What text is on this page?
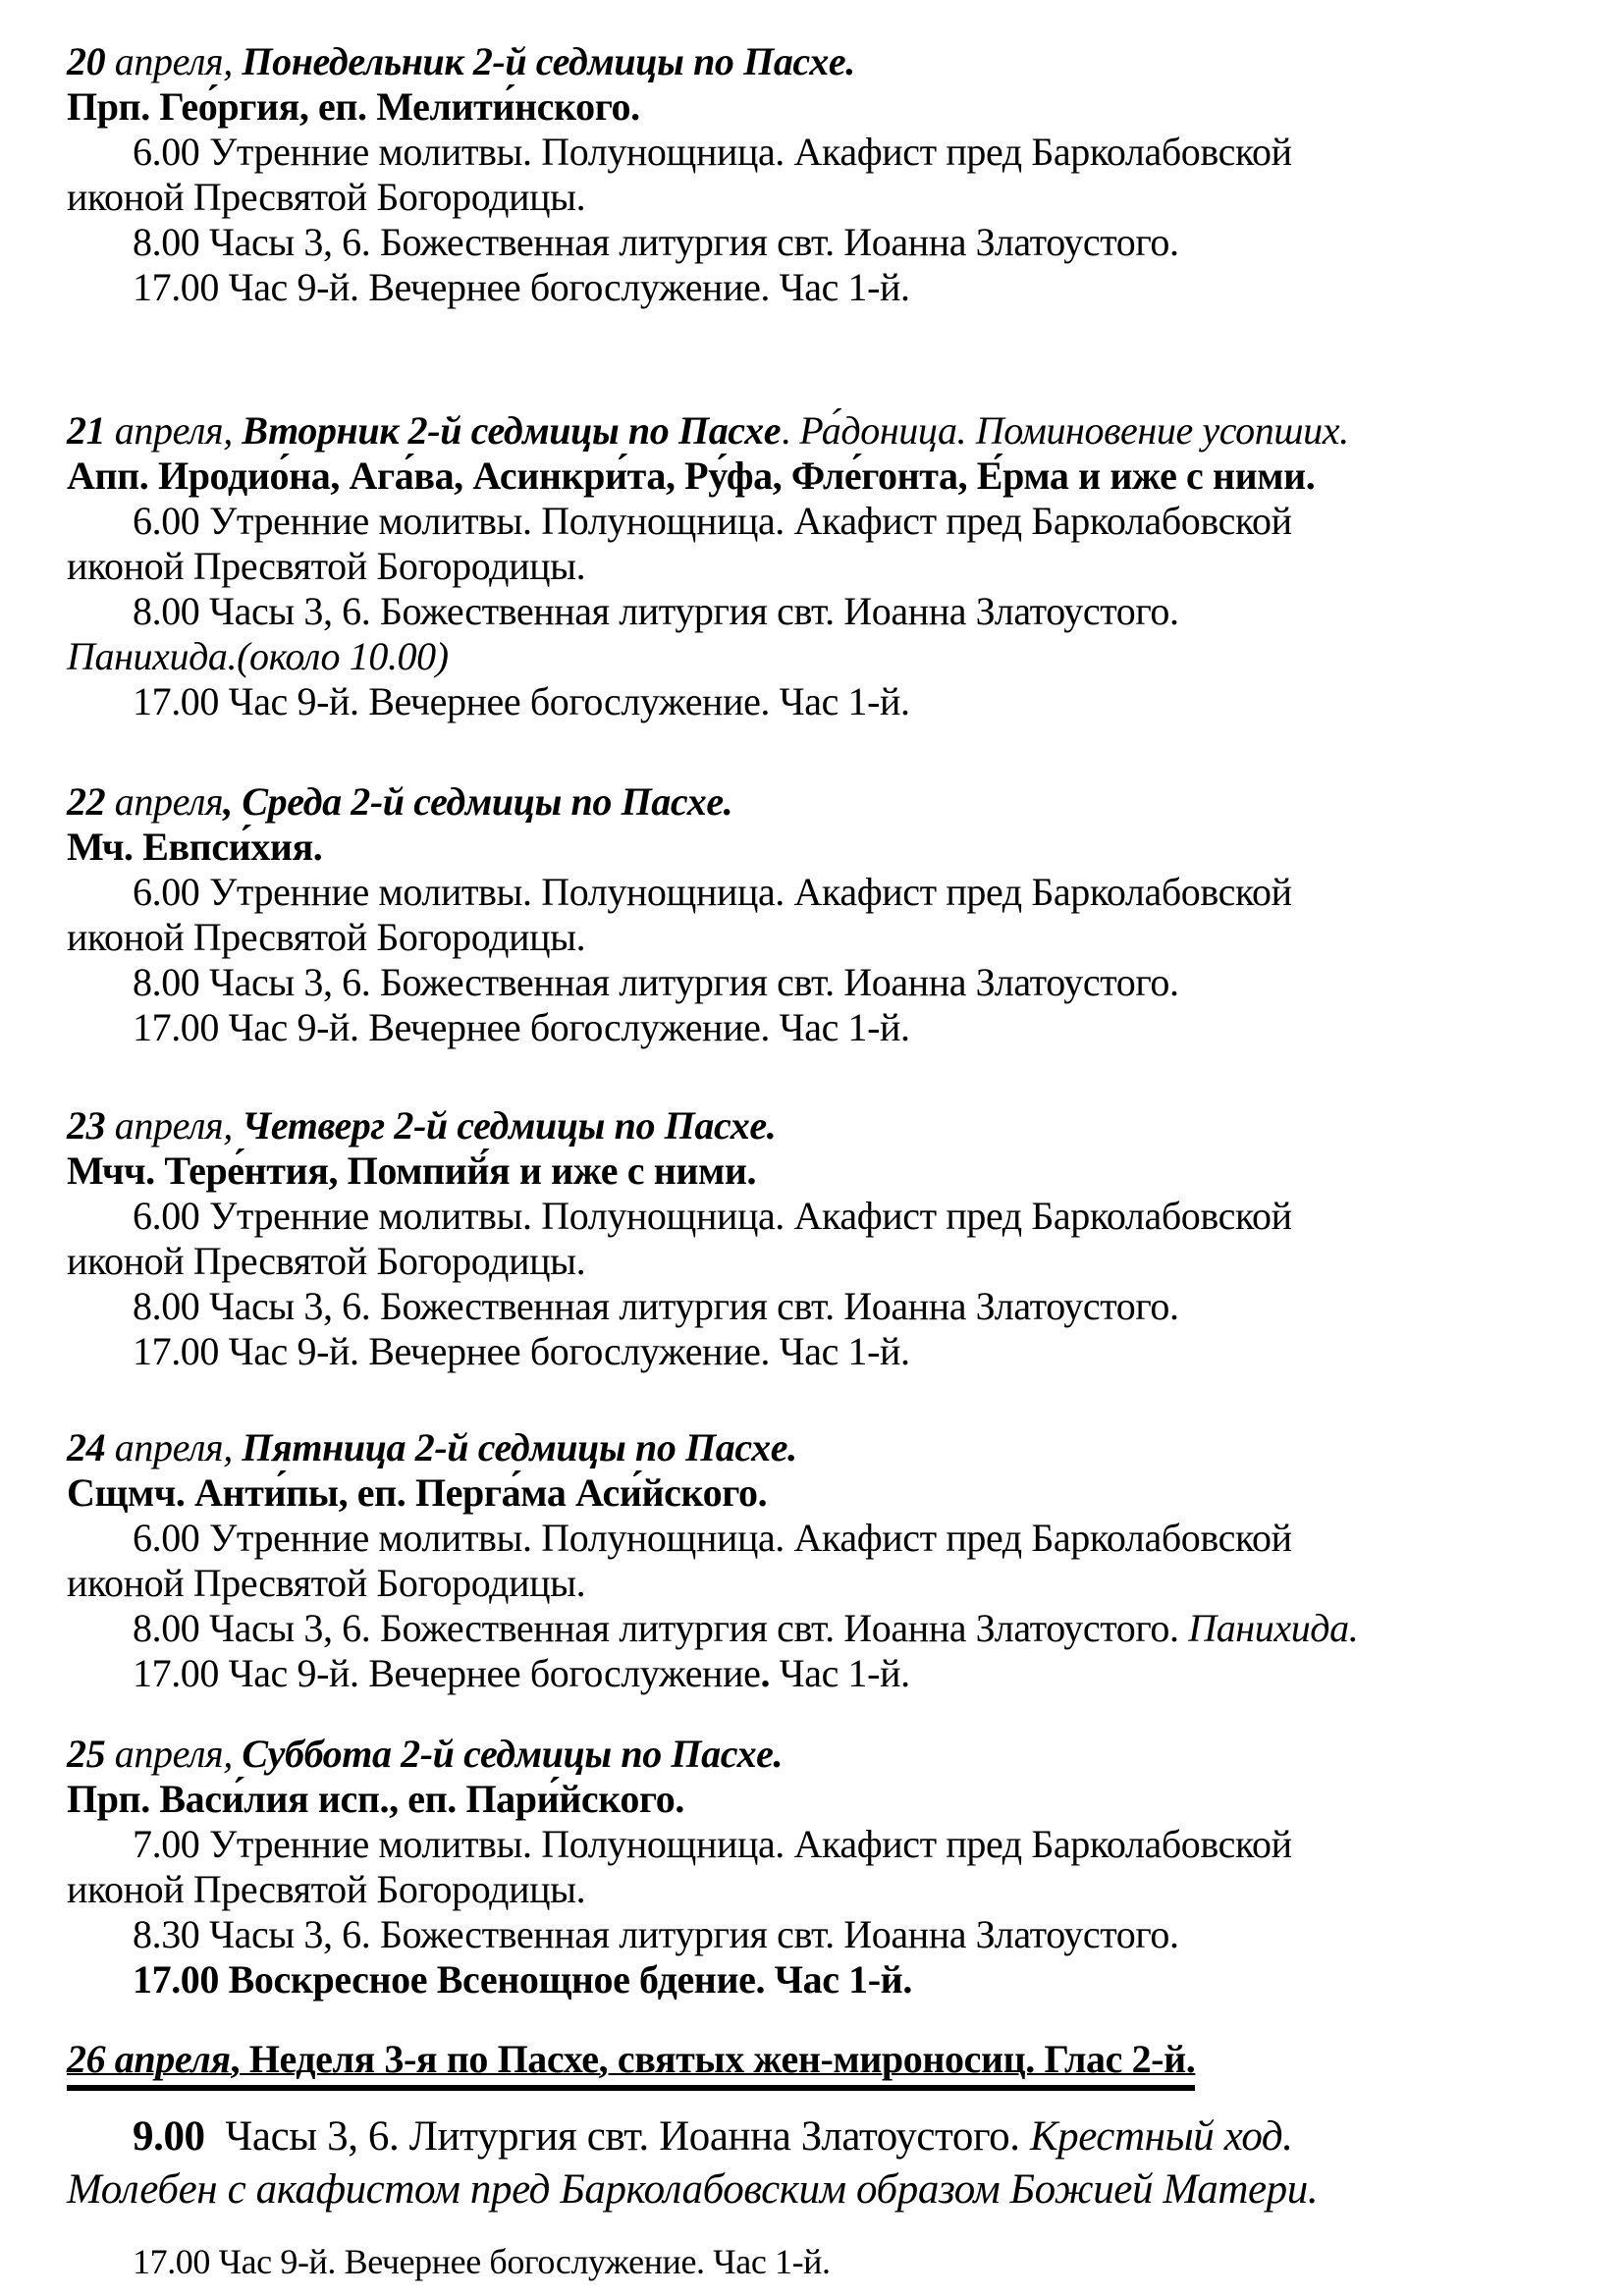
20 апреля, Понедельник 2-й седмицы по Пасхе.
Прп. Гео́ргия, еп. Мелити́нского.
6.00 Утренние молитвы. Полунощница. Акафист пред Барколабовской
иконой Пресвятой Богородицы.
8.00 Часы 3, 6. Божественная литургия свт. Иоанна Златоустого.
17.00 Час 9-й. Вечернее богослужение. Час 1-й.
21 апреля, Вторник 2-й седмицы по Пасхе. Ра́доница. Поминовение усопших.
Апп. Иродио́на, Ага́ва, Асинкри́та, Ру́фа, Фле́гонта, Е́рма и иже с ними.
6.00 Утренние молитвы. Полунощница. Акафист пред Барколабовской
иконой Пресвятой Богородицы.
8.00 Часы 3, 6. Божественная литургия свт. Иоанна Златоустого.
Панихида.(около 10.00)
17.00 Час 9-й. Вечернее богослужение. Час 1-й.
22 апреля, Среда 2-й седмицы по Пасхе.
Мч. Евпси́хия.
6.00 Утренние молитвы. Полунощница. Акафист пред Барколабовской
иконой Пресвятой Богородицы.
8.00 Часы 3, 6. Божественная литургия свт. Иоанна Златоустого.
17.00 Час 9-й. Вечернее богослужение. Час 1-й.
23 апреля, Четверг 2-й седмицы по Пасхе.
Мчч. Тере́нтия, Помпий́я и иже с ними.
6.00 Утренние молитвы. Полунощница. Акафист пред Барколабовской
иконой Пресвятой Богородицы.
8.00 Часы 3, 6. Божественная литургия свт. Иоанна Златоустого.
17.00 Час 9-й. Вечернее богослужение. Час 1-й.
24 апреля, Пятница 2-й седмицы по Пасхе.
Сщмч. Анти́пы, еп. Перга́ма Аси́йского.
6.00 Утренние молитвы. Полунощница. Акафист пред Барколабовской
иконой Пресвятой Богородицы.
8.00 Часы 3, 6. Божественная литургия свт. Иоанна Златоустого. Панихида.
17.00 Час 9-й. Вечернее богослужение. Час 1-й.
25 апреля, Суббота 2-й седмицы по Пасхе.
Прп. Васи́лия исп., еп. Пари́йского.
7.00 Утренние молитвы. Полунощница. Акафист пред Барколабовской
иконой Пресвятой Богородицы.
8.30 Часы 3, 6. Божественная литургия свт. Иоанна Златоустого.
17.00 Воскресное Всенощное бдение. Час 1-й.
26 апреля, Неделя 3-я по Пасхе, святых жен-мироносиц. Глас 2-й.
9.00  Часы 3, 6. Литургия свт. Иоанна Златоустого. Крестный ход.
Молебен с акафистом пред Барколабовским образом Божией Матери.
17.00 Час 9-й. Вечернее богослужение. Час 1-й.
